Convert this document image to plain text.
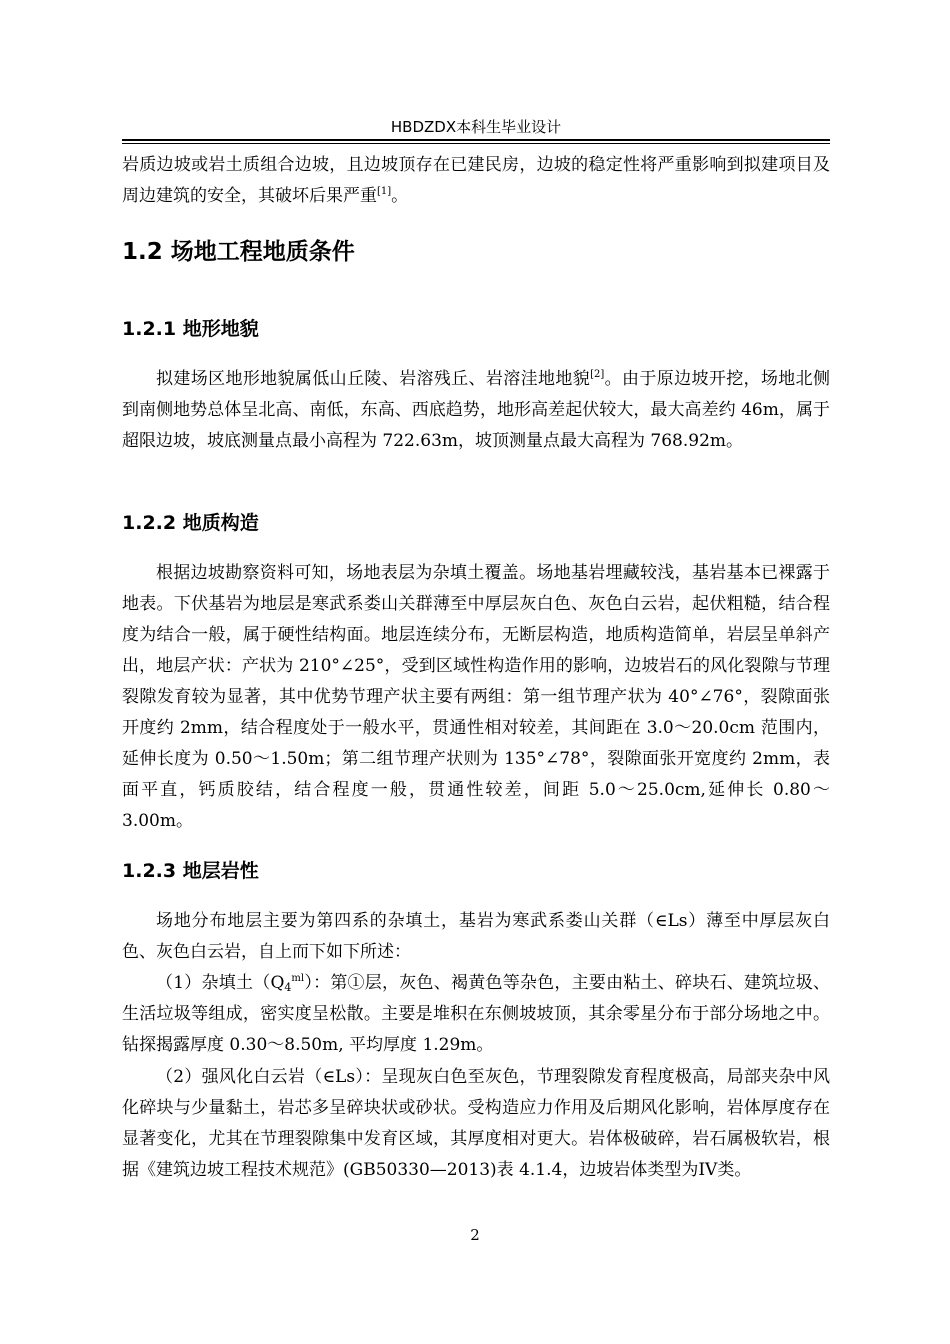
HBDZDX本科生毕业设计
岩质边坡或岩土质组合边坡，且边坡顶存在已建民房，边坡的稳定性将严重影响到拟建项目及周边建筑的安全，其破坏后果严重[1]。
1.2 场地工程地质条件
1.2.1 地形地貌
拟建场区地形地貌属低山丘陵、岩溶残丘、岩溶洼地地貌[2]。由于原边坡开挖，场地北侧到南侧地势总体呈北高、南低，东高、西底趋势，地形高差起伏较大，最大高差约 46m，属于超限边坡，坡底测量点最小高程为 722.63m，坡顶测量点最大高程为 768.92m。
1.2.2 地质构造
根据边坡勘察资料可知，场地表层为杂填土覆盖。场地基岩埋藏较浅，基岩基本已裸露于地表。下伏基岩为地层是寒武系娄山关群薄至中厚层灰白色、灰色白云岩，起伏粗糙，结合程度为结合一般，属于硬性结构面。地层连续分布，无断层构造，地质构造简单，岩层呈单斜产出，地层产状：产状为 210°∠25°，受到区域性构造作用的影响，边坡岩石的风化裂隙与节理裂隙发育较为显著，其中优势节理产状主要有两组：第一组节理产状为 40°∠76°，裂隙面张开度约 2mm，结合程度处于一般水平，贯通性相对较差，其间距在 3.0～20.0cm 范围内，延伸长度为 0.50～1.50m；第二组节理产状则为 135°∠78°，裂隙面张开宽度约 2mm，表面平直，钙质胶结，结合程度一般，贯通性较差，间距 5.0～25.0cm,延伸长 0.80～3.00m。
1.2.3 地层岩性
场地分布地层主要为第四系的杂填土，基岩为寒武系娄山关群（∈Ls）薄至中厚层灰白色、灰色白云岩，自上而下如下所述：
（1）杂填土$(Q_4^{ml})$：第①层，灰色、褐黄色等杂色，主要由粘土、碎块石、建筑垃圾、生活垃圾等组成，密实度呈松散。主要是堆积在东侧坡坡顶，其余零星分布于部分场地之中。钻探揭露厚度 0.30～8.50m, 平均厚度 1.29m。
（2）强风化白云岩（∈Ls）：呈现灰白色至灰色，节理裂隙发育程度极高，局部夹杂中风化碎块与少量黏土，岩芯多呈碎块状或砂状。受构造应力作用及后期风化影响，岩体厚度存在显著变化，尤其在节理裂隙集中发育区域，其厚度相对更大。岩体极破碎，岩石属极软岩，根据《建筑边坡工程技术规范》(GB50330—2013)表 4.1.4，边坡岩体类型为IV类。
2
